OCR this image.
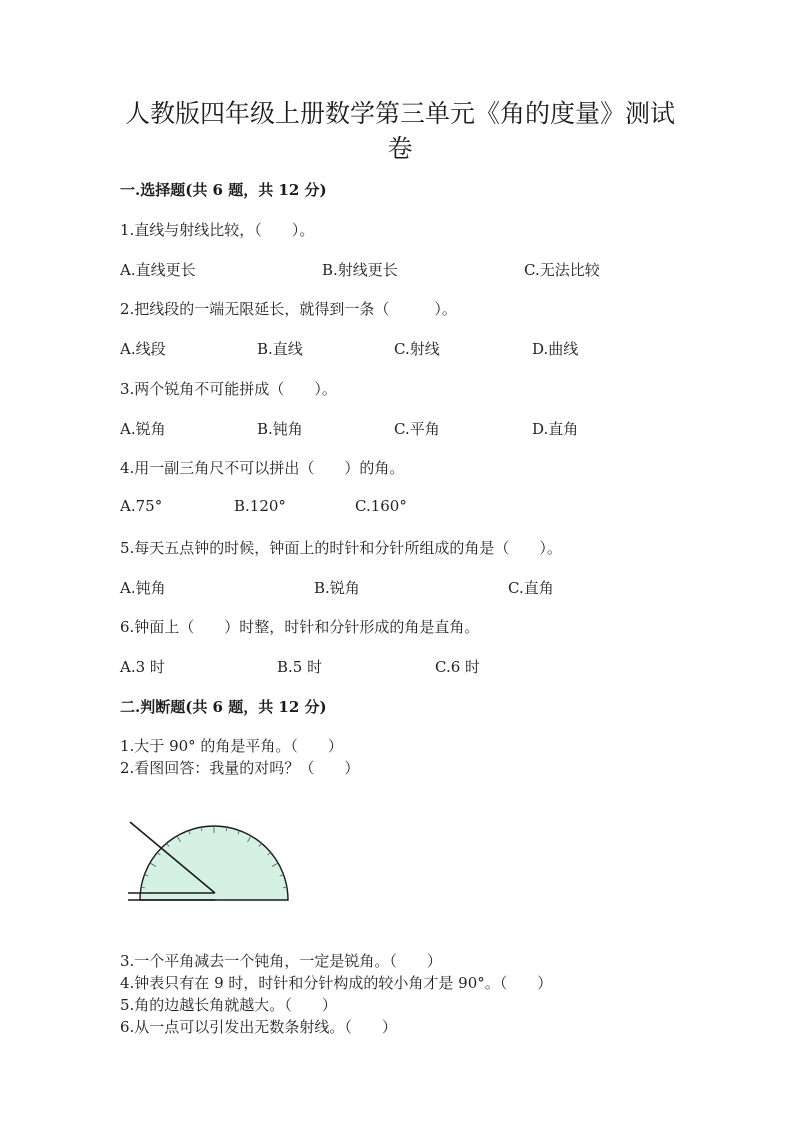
人教版四年级上册数学第三单元《角的度量》测试
卷
一.选择题(共 6 题，共 12 分)
1.直线与射线比较，（　　）。
A.直线更长	B.射线更长	C.无法比较
2.把线段的一端无限延长，就得到一条（　　　）。
A.线段	B.直线	C.射线	D.曲线
3.两个锐角不可能拼成（　　）。
A.锐角	B.钝角	C.平角	D.直角
4.用一副三角尺不可以拼出（　　）的角。
A.75°	B.120°	C.160°
5.每天五点钟的时候，钟面上的时针和分针所组成的角是（　　）。
A.钝角	B.锐角	C.直角
6.钟面上（　　）时整，时针和分针形成的角是直角。
A.3 时	B.5 时	C.6 时
二.判断题(共 6 题，共 12 分)
1.大于 90° 的角是平角。（　　）
2.看图回答：我量的对吗？（　　）
3.一个平角减去一个钝角，一定是锐角。（　　）
4.钟表只有在 9 时，时针和分针构成的较小角才是 90°。（　　）
5.角的边越长角就越大。（　　）
6.从一点可以引发出无数条射线。（　　）
